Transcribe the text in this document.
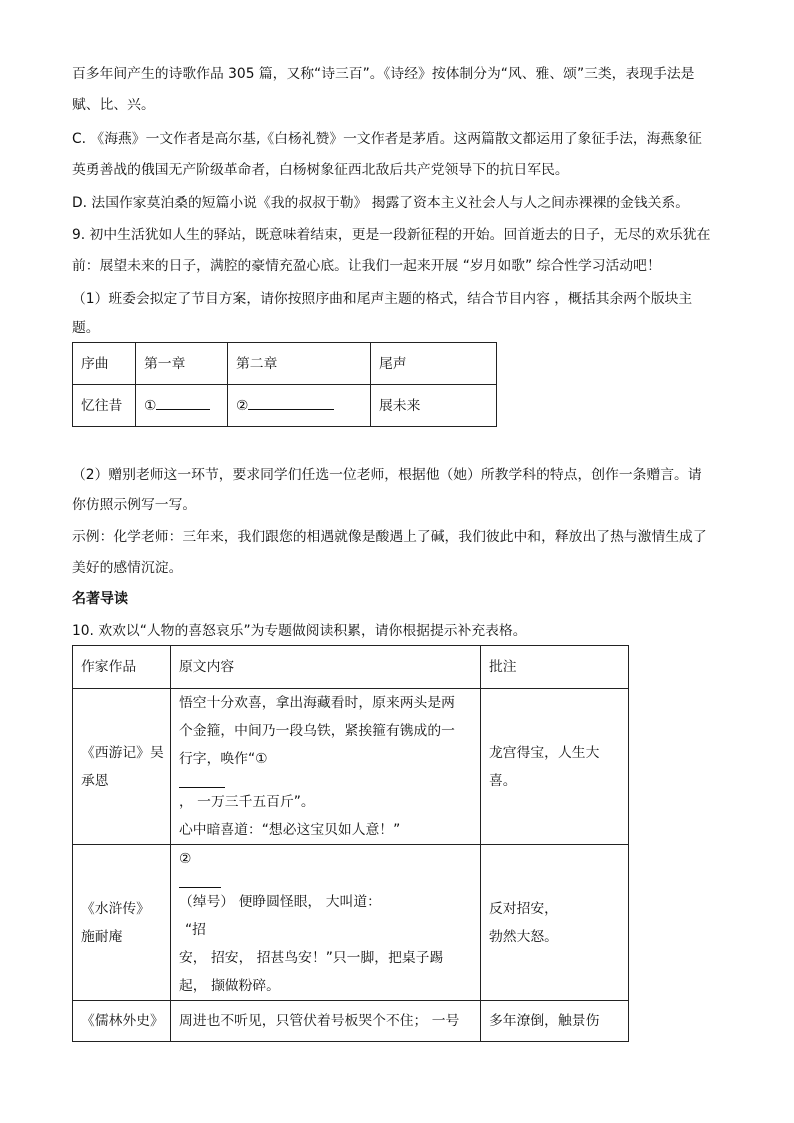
百多年间产生的诗歌作品 305 篇，又称“诗三百”。《诗经》按体制分为“风、雅、颂”三类，表现手法是
赋、比、兴。
C. 《海燕》一文作者是高尔基,《白杨礼赞》一文作者是茅盾。这两篇散文都运用了象征手法，海燕象征
英勇善战的俄国无产阶级革命者，白杨树象征西北敌后共产党领导下的抗日军民。
D. 法国作家莫泊桑的短篇小说《我的叔叔于勒》 揭露了资本主义社会人与人之间赤裸裸的金钱关系。
9. 初中生活犹如人生的驿站，既意味着结束，更是一段新征程的开始。回首逝去的日子，无尽的欢乐犹在
前：展望未来的日子，满腔的豪情充盈心底。让我们一起来开展 “岁月如歌” 综合性学习活动吧！
（1）班委会拟定了节目方案，请你按照序曲和尾声主题的格式，结合节目内容 ，概括其余两个版块主
题。
序曲	第一章	第二章	尾声
忆往昔	①	②	展未来
（2）赠别老师这一环节，要求同学们任选一位老师，根据他（她）所教学科的特点，创作一条赠言。请
你仿照示例写一写。
示例：化学老师：三年来，我们跟您的相遇就像是酸遇上了碱，我们彼此中和，释放出了热与激情生成了
美好的感情沉淀。
名著导读
10. 欢欢以“人物的喜怒哀乐”为专题做阅读积累，请你根据提示补充表格。
作家作品	原文内容	批注

《西游记》吴
承恩	悟空十分欢喜，拿出海藏看时，原来两头是两
个金箍，中间乃一段乌铁，紧挨箍有镌成的一
行字，唤作“①
， 一万三千五百斤”。
心中暗喜道：“想必这宝贝如人意！”	龙宫得宝，人生大
喜。

《水浒传》
施耐庵	②
（绰号） 便睁圆怪眼， 大叫道：
“招
安， 招安， 招甚鸟安！”只一脚，把桌子踢
起， 撷做粉碎。	反对招安，
勃然大怒。

《儒林外史》	周进也不听见，只管伏着号板哭个不住； 一号	多年潦倒，触景伤
